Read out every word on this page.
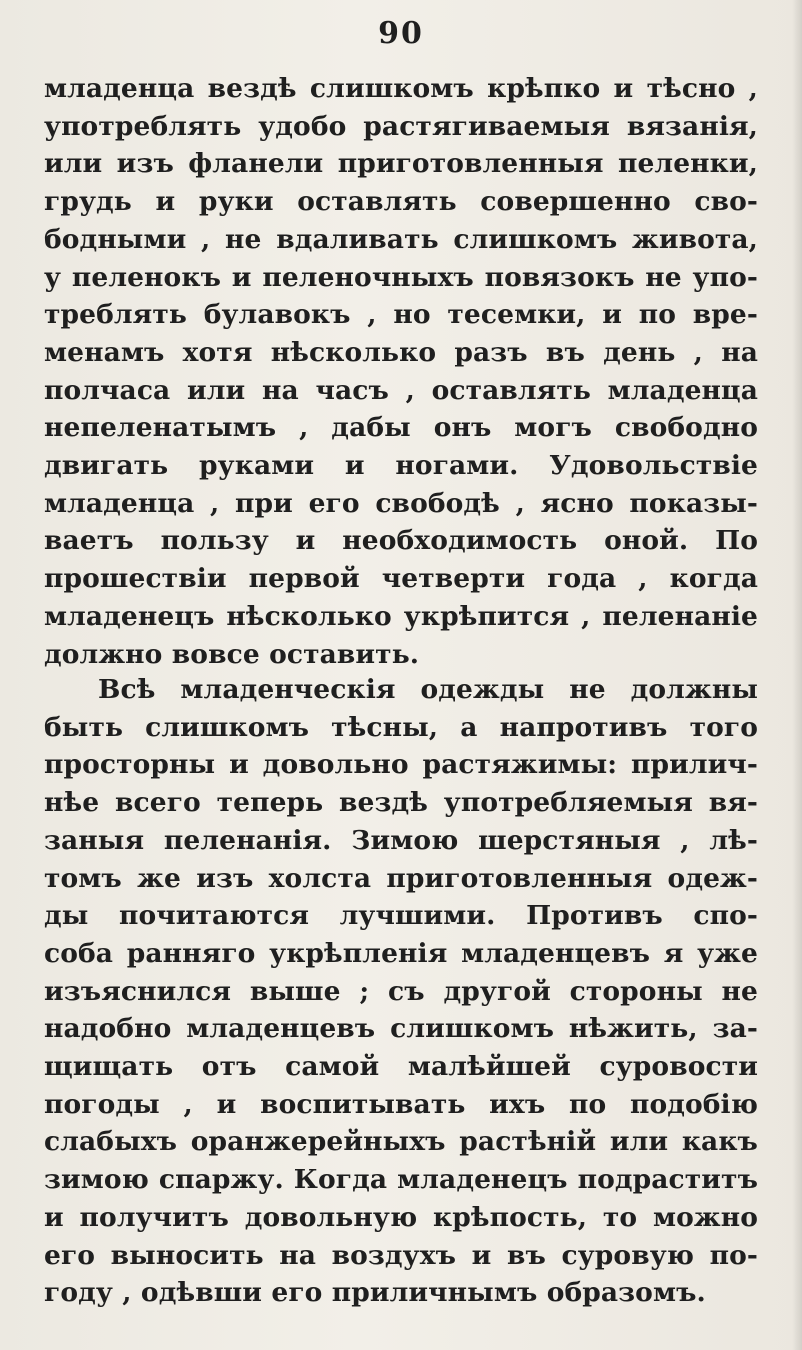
90
младенца вездѣ слишкомъ крѣпко и тѣсно ,
употреблять удобо растягиваемыя вязанія,
или изъ фланели приготовленныя пеленки,
грудь и руки оставлять совершенно сво-
бодными , не вдаливать слишкомъ живота,
у пеленокъ и пеленочныхъ повязокъ не упо-
треблять булавокъ , но тесемки, и по вре-
менамъ хотя нѣсколько разъ въ день , на
полчаса или на часъ , оставлять младенца
непеленатымъ , дабы онъ могъ свободно
двигать руками и ногами. Удовольствіе
младенца , при его свободѣ , ясно показы-
ваетъ пользу и необходимость оной. По
прошествіи первой четверти года , когда
младенецъ нѣсколько укрѣпится , пеленаніе
должно вовсе оставить.
Всѣ младенческія одежды не должны
быть слишкомъ тѣсны, а напротивъ того
просторны и довольно растяжимы: прилич-
нѣе всего теперь вездѣ употребляемыя вя-
заныя пеленанія. Зимою шерстяныя , лѣ-
томъ же изъ холста приготовленныя одеж-
ды почитаются лучшими. Противъ спо-
соба ранняго укрѣпленія младенцевъ я уже
изъяснился выше ; съ другой стороны не
надобно младенцевъ слишкомъ нѣжить, за-
щищать отъ самой малѣйшей суровости
погоды , и воспитывать ихъ по подобію
слабыхъ оранжерейныхъ растѣній или какъ
зимою спаржу. Когда младенецъ подраститъ
и получитъ довольную крѣпость, то можно
его выносить на воздухъ и въ суровую по-
году , одѣвши его приличнымъ образомъ.
